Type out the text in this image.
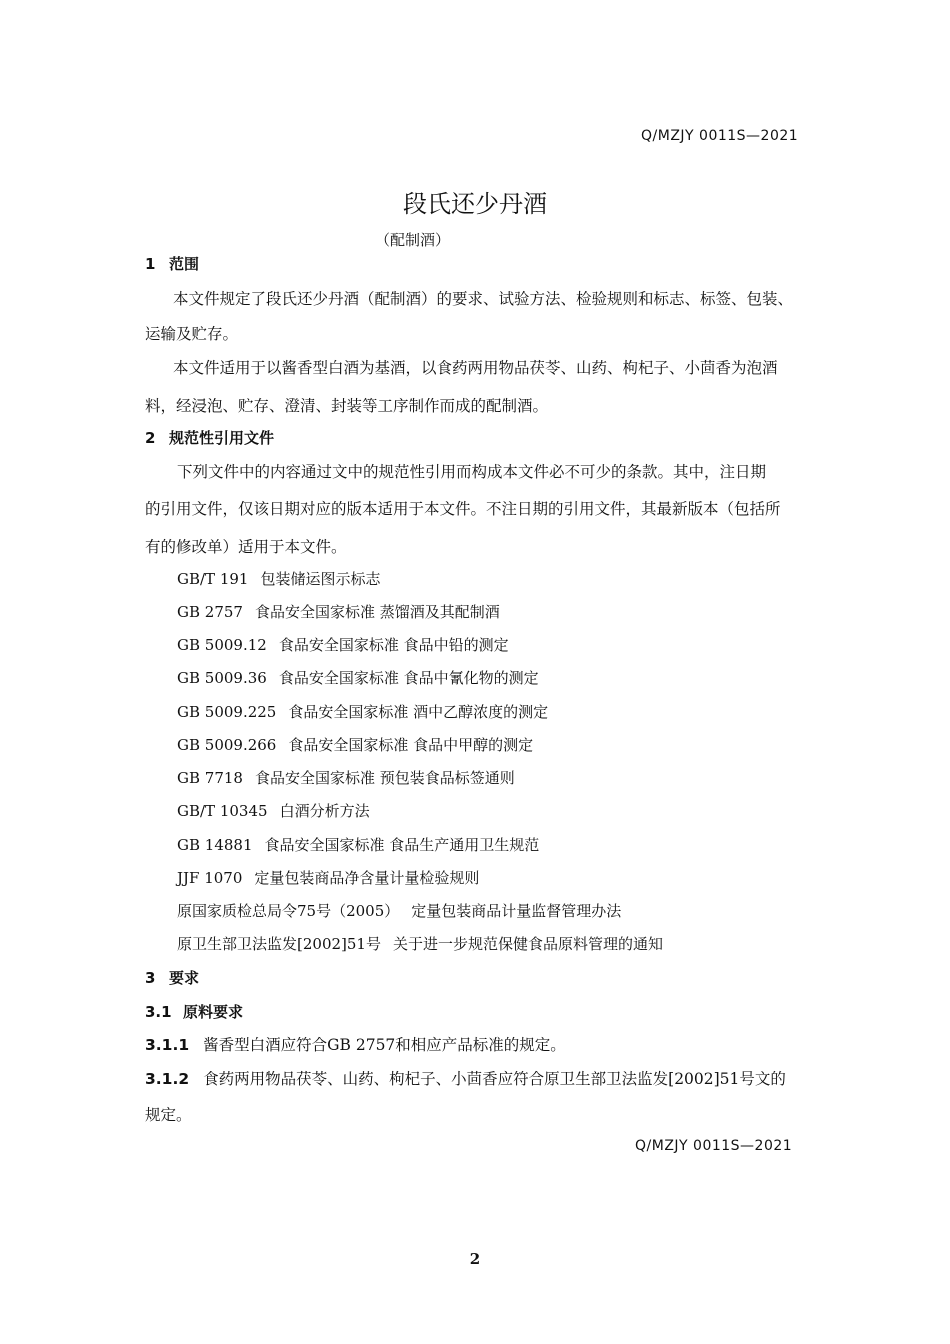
Q/MZJY 0011S—2021
段氏还少丹酒
（配制酒）
1 范围
本文件规定了段氏还少丹酒（配制酒）的要求、试验方法、检验规则和标志、标签、包装、
运输及贮存。
本文件适用于以酱香型白酒为基酒，以食药两用物品茯苓、山药、枸杞子、小茴香为泡酒
料，经浸泡、贮存、澄清、封装等工序制作而成的配制酒。
2 规范性引用文件
下列文件中的内容通过文中的规范性引用而构成本文件必不可少的条款。其中，注日期
的引用文件，仅该日期对应的版本适用于本文件。不注日期的引用文件，其最新版本（包括所
有的修改单）适用于本文件。
GB/T 191 包装储运图示标志
GB 2757 食品安全国家标准 蒸馏酒及其配制酒
GB 5009.12 食品安全国家标准 食品中铅的测定
GB 5009.36 食品安全国家标准 食品中氰化物的测定
GB 5009.225 食品安全国家标准 酒中乙醇浓度的测定
GB 5009.266 食品安全国家标准 食品中甲醇的测定
GB 7718 食品安全国家标准 预包装食品标签通则
GB/T 10345 白酒分析方法
GB 14881 食品安全国家标准 食品生产通用卫生规范
JJF 1070 定量包装商品净含量计量检验规则
原国家质检总局令75号（2005） 定量包装商品计量监督管理办法
原卫生部卫法监发[2002]51号 关于进一步规范保健食品原料管理的通知
3 要求
3.1 原料要求
3.1.1 酱香型白酒应符合GB 2757和相应产品标准的规定。
3.1.2 食药两用物品茯苓、山药、枸杞子、小茴香应符合原卫生部卫法监发[2002]51号文的
规定。
Q/MZJY 0011S—2021
2
